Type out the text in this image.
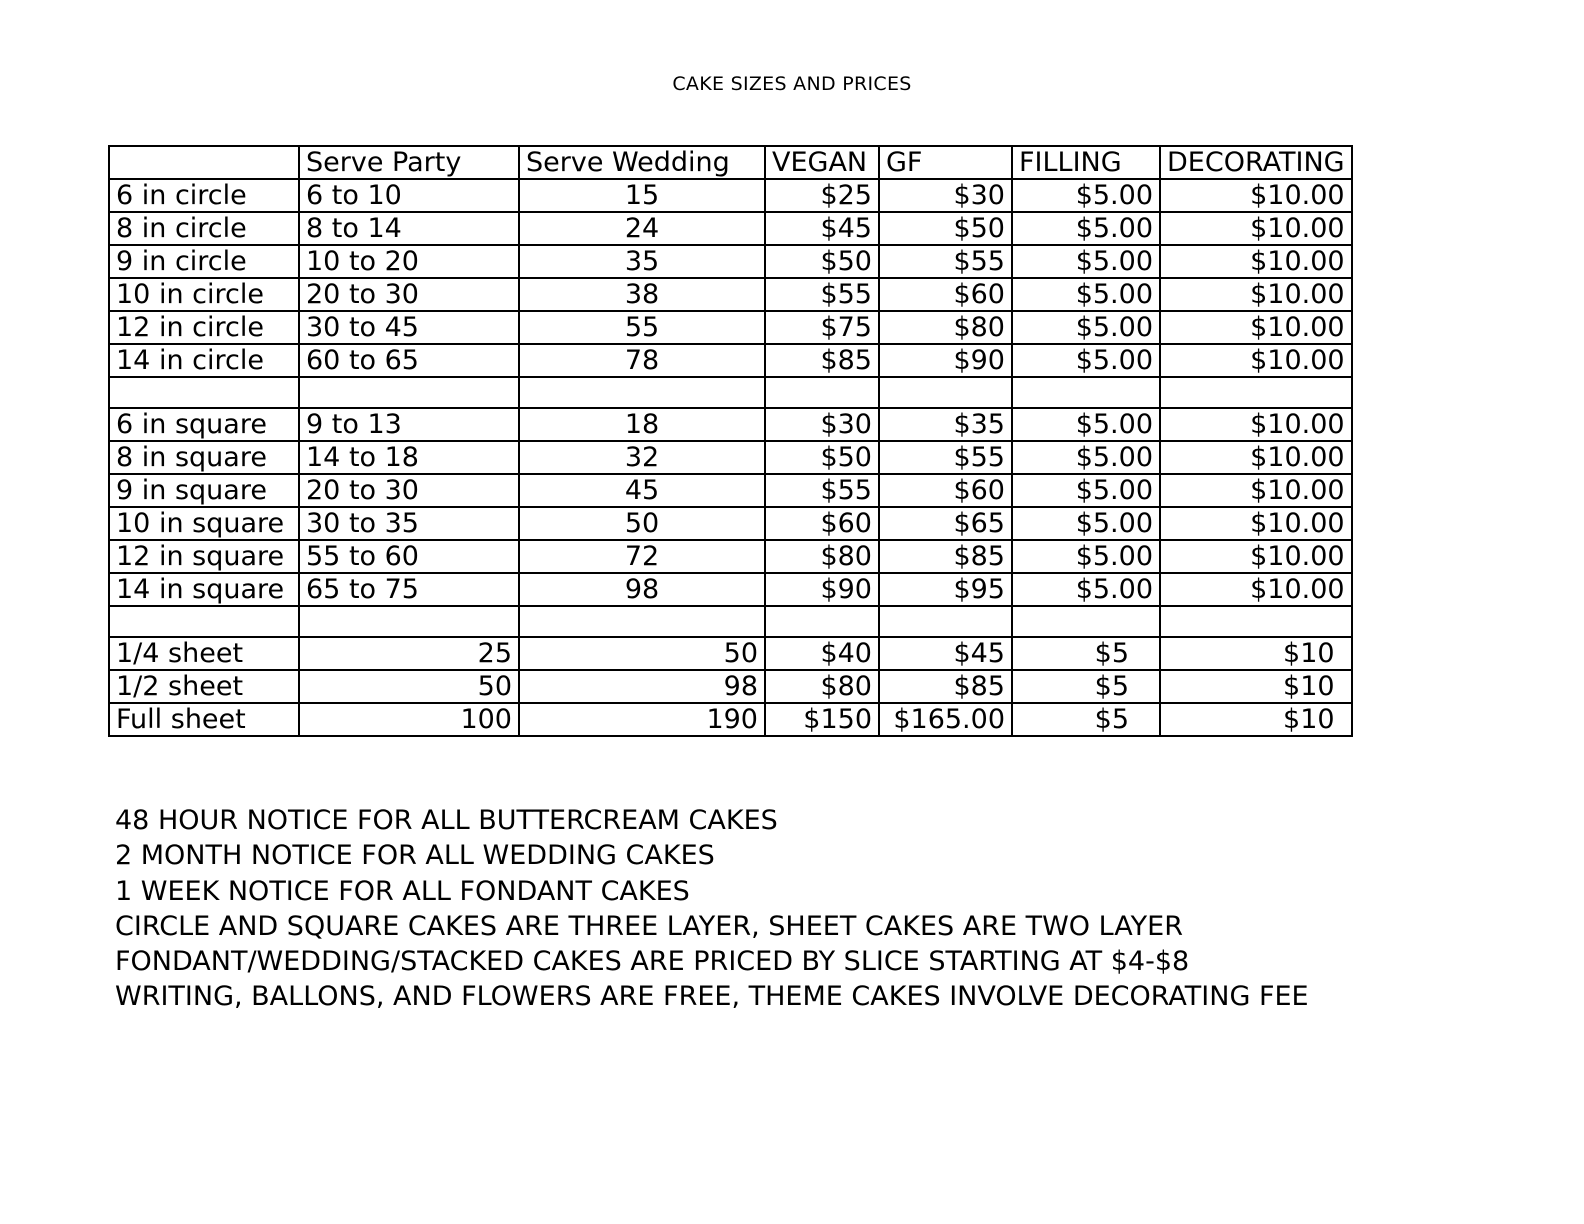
CAKE SIZES AND PRICES
	Serve Party	Serve Wedding	VEGAN	GF	FILLING	DECORATING
6 in circle	6 to 10	15	$25	$30	$5.00	$10.00
8 in circle	8 to 14	24	$45	$50	$5.00	$10.00
9 in circle	10 to 20	35	$50	$55	$5.00	$10.00
10 in circle	20 to 30	38	$55	$60	$5.00	$10.00
12 in circle	30 to 45	55	$75	$80	$5.00	$10.00
14 in circle	60 to 65	78	$85	$90	$5.00	$10.00

6 in square	9 to 13	18	$30	$35	$5.00	$10.00
8 in square	14 to 18	32	$50	$55	$5.00	$10.00
9 in square	20 to 30	45	$55	$60	$5.00	$10.00
10 in square	30 to 35	50	$60	$65	$5.00	$10.00
12 in square	55 to 60	72	$80	$85	$5.00	$10.00
14 in square	65 to 75	98	$90	$95	$5.00	$10.00

1/4 sheet	25	50	$40	$45	$5	$10
1/2 sheet	50	98	$80	$85	$5	$10
Full sheet	100	190	$150	$165.00	$5	$10
48 HOUR NOTICE FOR ALL BUTTERCREAM CAKES
2 MONTH NOTICE FOR ALL WEDDING CAKES
1 WEEK NOTICE FOR ALL FONDANT CAKES
CIRCLE AND SQUARE CAKES ARE THREE LAYER, SHEET CAKES ARE TWO LAYER
FONDANT/WEDDING/STACKED CAKES ARE PRICED BY SLICE STARTING AT $4-$8
WRITING, BALLONS, AND FLOWERS ARE FREE, THEME CAKES INVOLVE DECORATING FEE
